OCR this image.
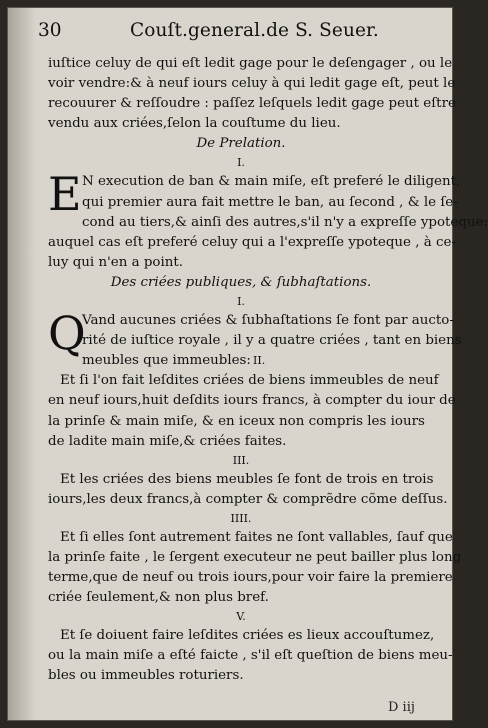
30	Couſt.general.de S. Seuer.
iuſtice celuy de qui eſt ledit gage pour le deſengager , ou le
voir vendre:& à neuf iours celuy à qui ledit gage eſt, peut le
recouurer & reſſoudre : paſſez leſquels ledit gage peut eſtre
vendu aux criées,ſelon la couſtume du lieu.
De Prelation.
I.
E N execution de ban & main miſe, eſt preferé le diligent,
qui premier aura fait mettre le ban, au ſecond , & le ſe-
cond au tiers,& ainſi des autres,s'il n'y a expreſſe ypoteque:
auquel cas eſt preferé celuy qui a l'expreſſe ypoteque , à ce-
luy qui n'en a point.
Des criées publiques, & ſubhaſtations.
I.
Q
Vand aucunes criées & ſubhaſtations ſe font par aucto-
rité de iuſtice royale , il y a quatre criées , tant en biens
meubles que immeubles: II.
Et ſi l'on fait leſdites criées de biens immeubles de neuf
en neuf iours,huit deſdits iours francs, à compter du iour de
la prinſe & main miſe, & en iceux non compris les iours
de ladite main miſe,& criées faites.
III.
Et les criées des biens meubles ſe font de trois en trois
iours,les deux francs,à compter & comprẽdre cõme deſſus.
IIII.
Et ſi elles ſont autrement faites ne ſont vallables, ſauf que
la prinſe faite , le ſergent executeur ne peut bailler plus long
terme,que de neuf ou trois iours,pour voir faire la premiere
criée ſeulement,& non plus bref.
V.
Et ſe doiuent faire leſdites criées es lieux accouſtumez,
ou la main miſe a eſté faicte , s'il eſt queſtion de biens meu-
bles ou immeubles roturiers.
D iij
